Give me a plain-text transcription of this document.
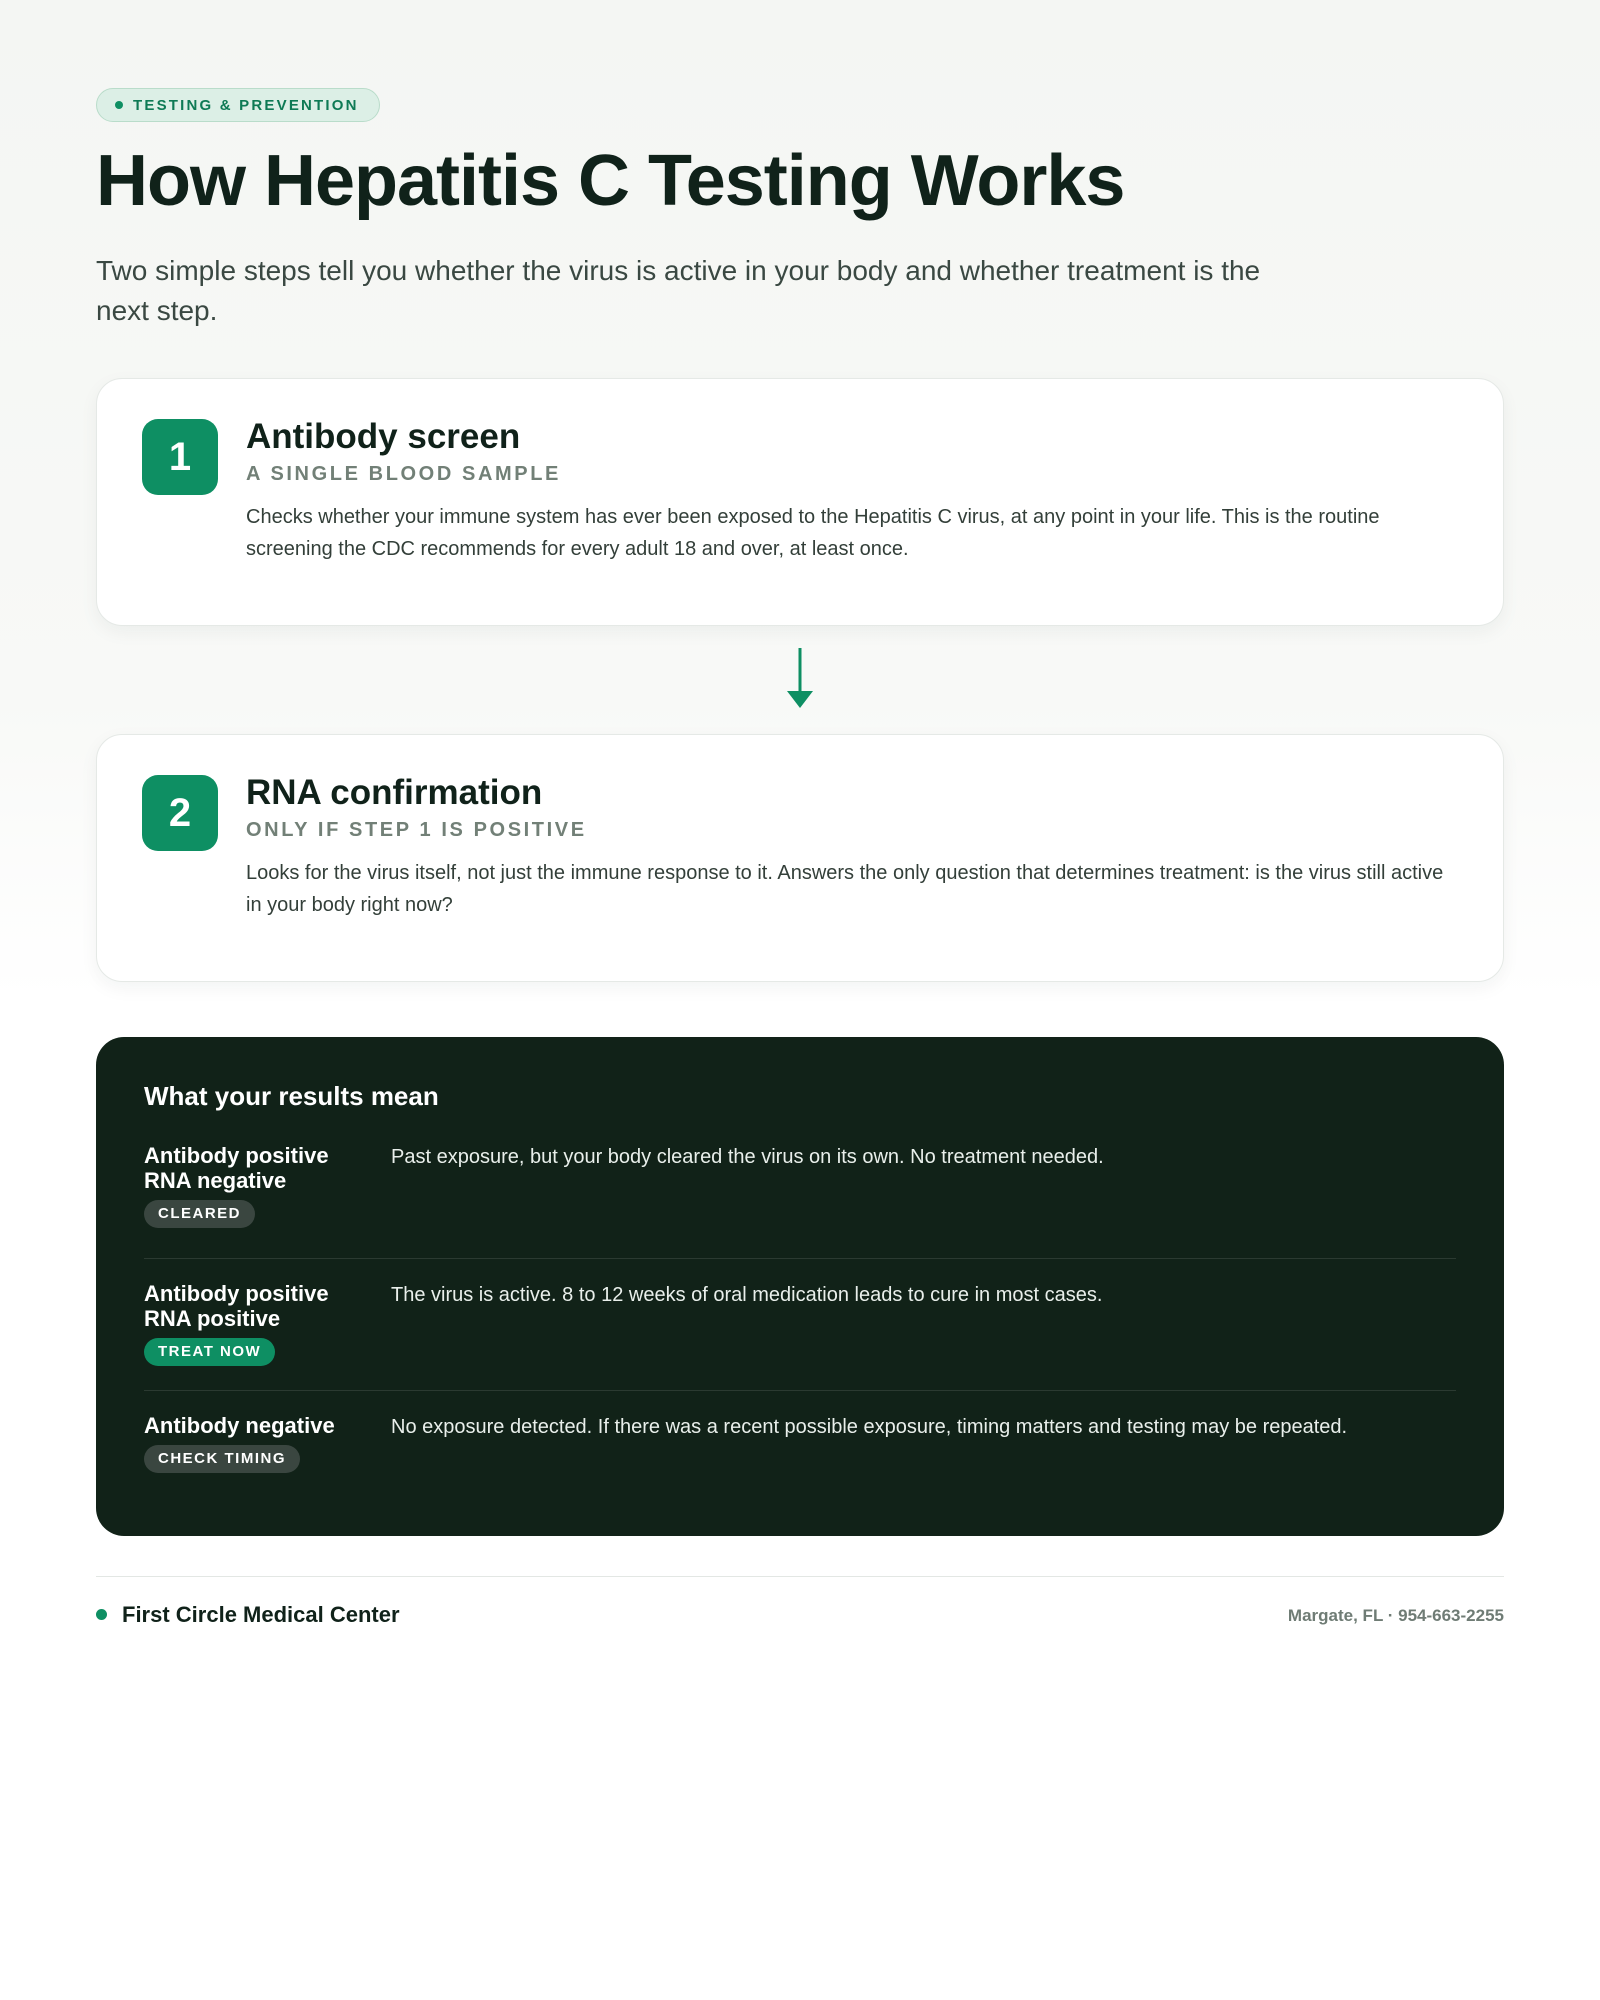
TESTING & PREVENTION
How Hepatitis C Testing Works

Two simple steps tell you whether the virus is active in your body and whether treatment is the next step.

1	Antibody screen
A SINGLE BLOOD SAMPLE
Checks whether your immune system has ever been exposed to the Hepatitis C virus, at any point in your life. This is the routine screening the CDC recommends for every adult 18 and over, at least once.
2	RNA confirmation
ONLY IF STEP 1 IS POSITIVE
Looks for the virus itself, not just the immune response to it. Answers the only question that determines treatment: is the virus still active in your body right now?
What your results mean
Antibody positive
RNA negative
CLEARED
Past exposure, but your body cleared the virus on its own. No treatment needed.
Antibody positive
RNA positive
TREAT NOW
The virus is active. 8 to 12 weeks of oral medication leads to cure in most cases.
Antibody negative
CHECK TIMING
No exposure detected. If there was a recent possible exposure, timing matters and testing may be repeated.
First Circle Medical Center	Margate, FL · 954-663-2255
